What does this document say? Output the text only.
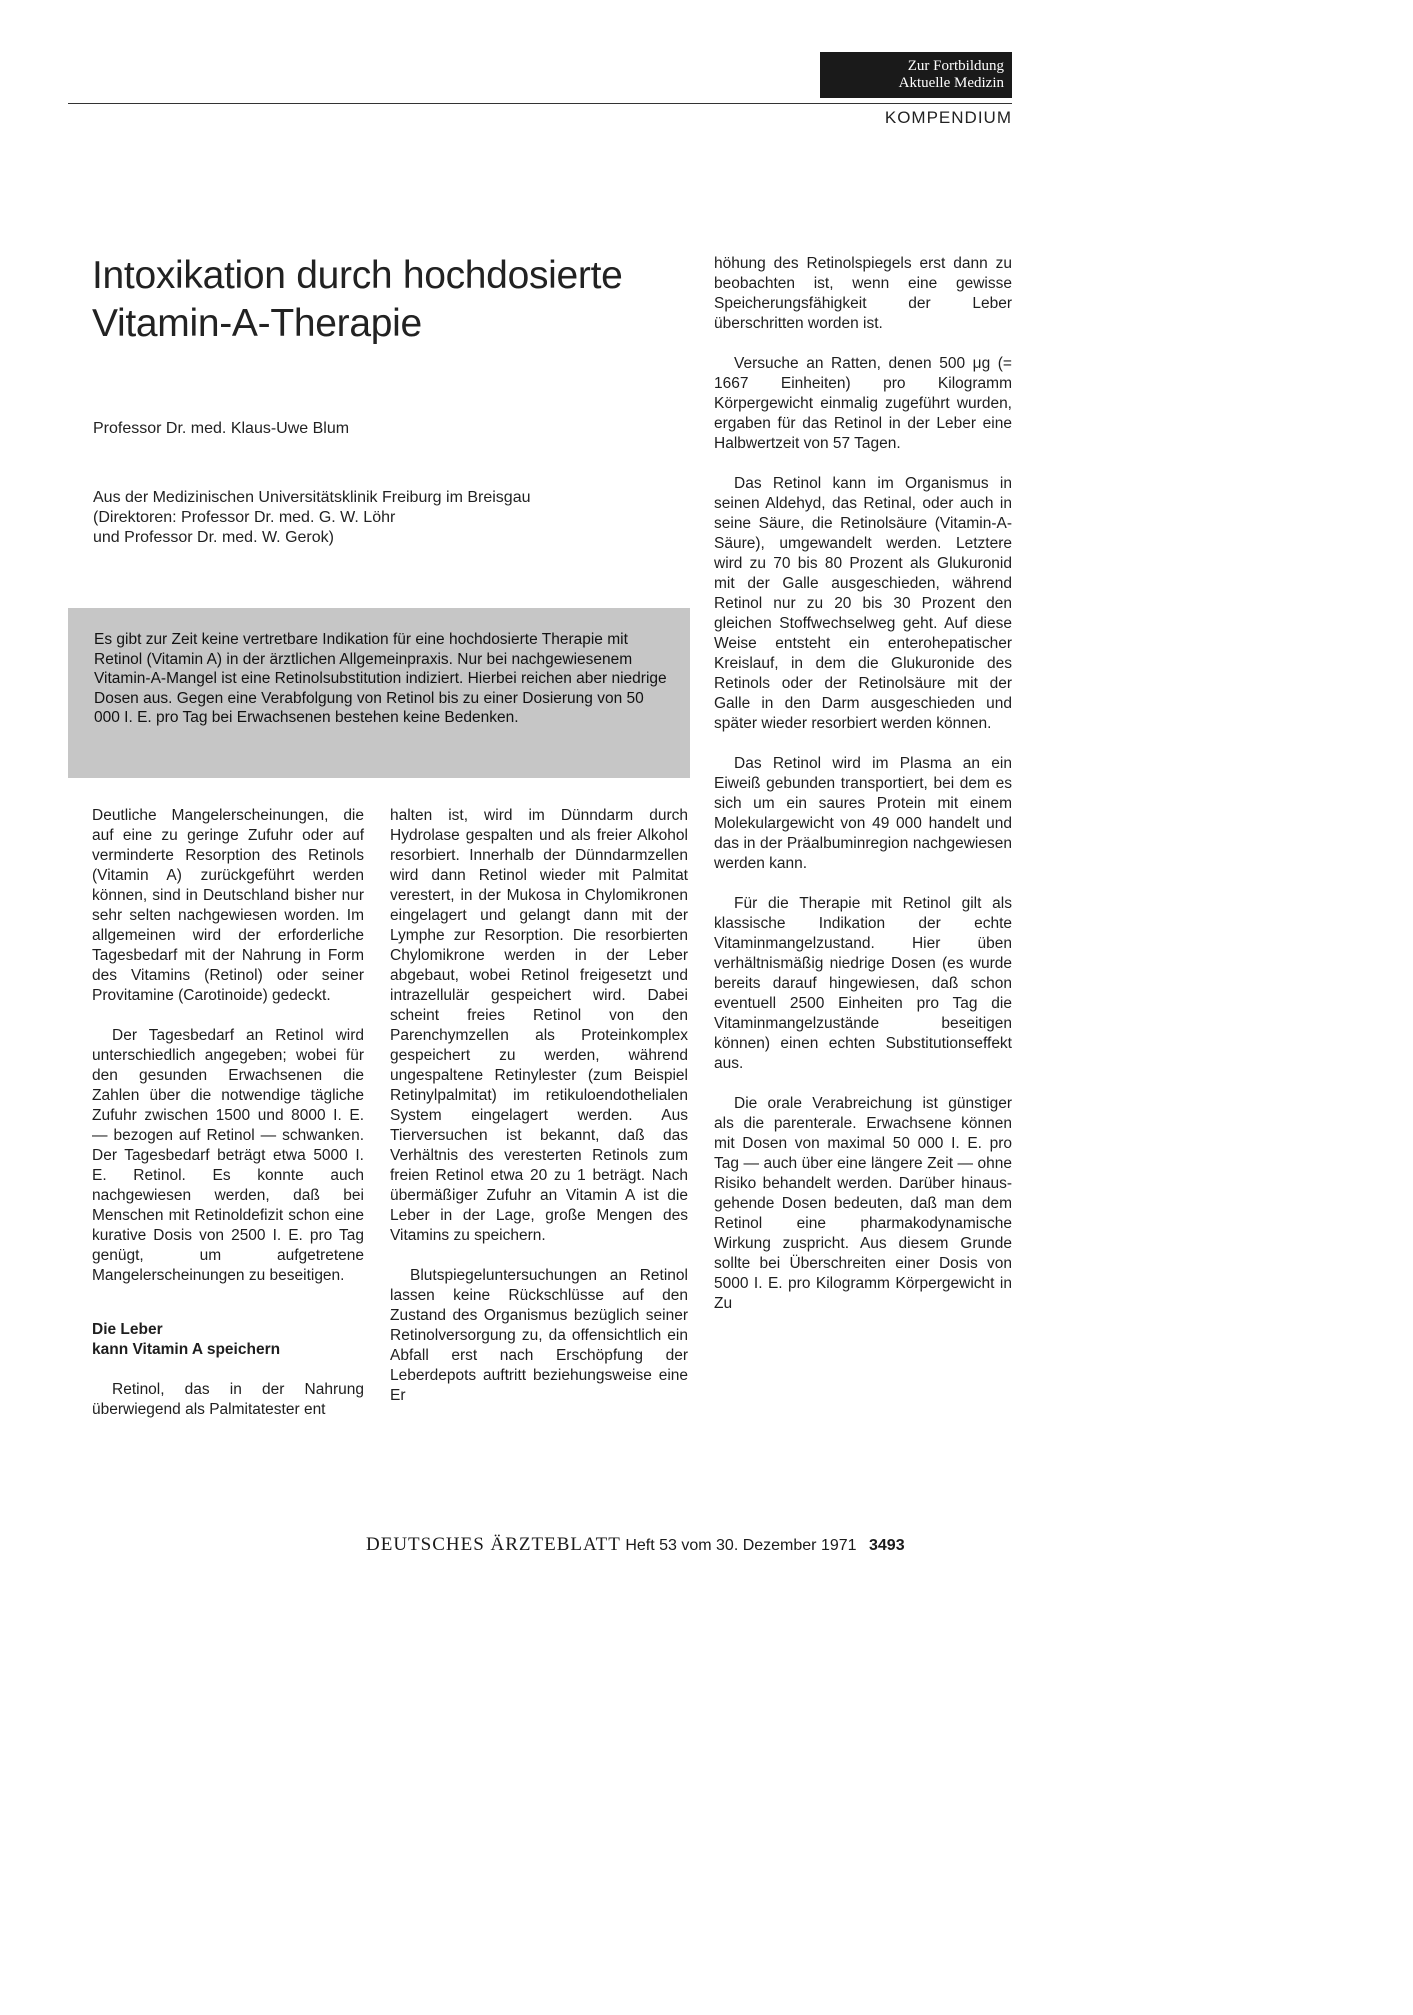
Zur Fortbildung
Aktuelle Medizin
KOMPENDIUM
Intoxikation durch hochdosierte
Vitamin-A-Therapie
Professor Dr. med. Klaus-Uwe Blum
Aus der Medizinischen Universitätsklinik Freiburg im Breisgau
(Direktoren: Professor Dr. med. G. W. Löhr
und Professor Dr. med. W. Gerok)
Es gibt zur Zeit keine vertretbare Indikation für eine hochdosierte Therapie mit Retinol (Vitamin A) in der ärztlichen Allgemeinpraxis. Nur bei nachgewiesenem Vitamin-A-Mangel ist eine Retinolsubstitution indiziert. Hierbei reichen aber niedrige Dosen aus. Gegen eine Verabfolgung von Retinol bis zu einer Dosierung von 50 000 I. E. pro Tag bei Erwachsenen bestehen keine Bedenken.

Deutliche Mangelerscheinungen, die auf eine zu geringe Zufuhr oder auf verminderte Resorption des Retinols (Vitamin A) zurückgeführt werden können, sind in Deutschland bisher nur sehr selten nachgewiesen worden. Im allgemeinen wird der erforderliche Tagesbedarf mit der Nahrung in Form des Vitamins (Retinol) oder seiner Provitamine (Carotinoide) gedeckt.

Der Tagesbedarf an Retinol wird unterschiedlich angegeben; wobei für den gesunden Erwachsenen die Zahlen über die notwendige tägliche Zufuhr zwischen 1500 und 8000 I. E. — bezogen auf Retinol — schwanken. Der Tagesbedarf beträgt etwa 5000 I. E. Retinol. Es konnte auch nachgewiesen werden, daß bei Menschen mit Retinoldefizit schon eine kurative Dosis von 2500 I. E. pro Tag genügt, um aufgetretene Mangelerscheinungen zu beseitigen.

Die Leber
kann Vitamin A speichern

Retinol, das in der Nahrung überwiegend als Palmitatester ent

halten ist, wird im Dünndarm durch Hydrolase gespalten und als freier Alkohol resorbiert. Innerhalb der Dünndarmzellen wird dann Retinol wieder mit Palmitat verestert, in der Mukosa in Chylomikronen eingelagert und gelangt dann mit der Lymphe zur Resorption. Die resorbierten Chylomikrone werden in der Leber abgebaut, wobei Retinol freigesetzt und intrazellulär gespeichert wird. Dabei scheint freies Retinol von den Parenchymzellen als Proteinkomplex gespeichert zu werden, während ungespaltene Retinylester (zum Beispiel Retinylpalmitat) im retikuloendothelialen System eingelagert werden. Aus Tierversuchen ist bekannt, daß das Verhältnis des veresterten Retinols zum freien Retinol etwa 20 zu 1 beträgt. Nach übermäßiger Zufuhr an Vitamin A ist die Leber in der Lage, große Mengen des Vitamins zu speichern.

Blutspiegeluntersuchungen an Retinol lassen keine Rückschlüsse auf den Zustand des Organismus bezüglich seiner Retinolversorgung zu, da offensichtlich ein Abfall erst nach Erschöpfung der Leberdepots auftritt beziehungsweise eine Er

höhung des Retinolspiegels erst dann zu beobachten ist, wenn eine gewisse Speicherungsfähigkeit der Leber überschritten worden ist.

Versuche an Ratten, denen 500 μg (= 1667 Einheiten) pro Kilogramm Körpergewicht einmalig zugeführt wurden, ergaben für das Retinol in der Leber eine Halbwertzeit von 57 Tagen.

Das Retinol kann im Organismus in seinen Aldehyd, das Retinal, oder auch in seine Säure, die Retinolsäure (Vitamin-A-Säure), umgewandelt werden. Letztere wird zu 70 bis 80 Prozent als Glukuronid mit der Galle ausgeschieden, während Retinol nur zu 20 bis 30 Prozent den gleichen Stoffwechselweg geht. Auf diese Weise entsteht ein enterohepatischer Kreislauf, in dem die Glukuronide des Retinols oder der Retinolsäure mit der Galle in den Darm ausgeschieden und später wieder resorbiert werden können.

Das Retinol wird im Plasma an ein Eiweiß gebunden transportiert, bei dem es sich um ein saures Protein mit einem Molekulargewicht von 49 000 handelt und das in der Präalbuminregion nachgewiesen werden kann.

Für die Therapie mit Retinol gilt als klassische Indikation der echte Vitaminmangelzustand. Hier üben verhältnismäßig niedrige Dosen (es wurde bereits darauf hingewiesen, daß schon eventuell 2500 Einheiten pro Tag die Vitaminmangelzustände beseitigen können) einen echten Substitutionseffekt aus.

Die orale Verabreichung ist günstiger als die parenterale. Erwachsene können mit Dosen von maximal 50 000 I. E. pro Tag — auch über eine längere Zeit — ohne Risiko behandelt werden. Darüber hinausgehende Dosen bedeuten, daß man dem Retinol eine pharmakodynamische Wirkung zuspricht. Aus diesem Grunde sollte bei Überschreiten einer Dosis von 5000 I. E. pro Kilogramm Körpergewicht in Zu

DEUTSCHES ÄRZTEBLATT Heft 53 vom 30. Dezember 1971 3493
